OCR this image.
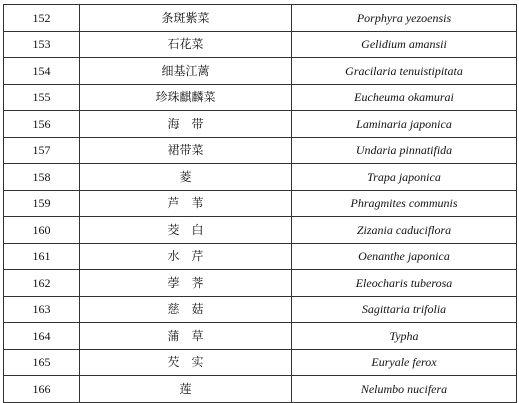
152	条斑紫菜	Porphyra yezoensis
153	石花菜	Gelidium amansii
154	细基江蓠	Gracilaria tenuistipitata
155	珍珠麒麟菜	Eucheuma okamurai
156	海　带	Laminaria japonica
157	裙带菜	Undaria pinnatifida
158	菱	Trapa japonica
159	芦　苇	Phragmites communis
160	茭　白	Zizania caduciflora
161	水　芹	Oenanthe japonica
162	荸　荠	Eleocharis tuberosa
163	慈　菇	Sagittaria trifolia
164	蒲　草	Typha
165	芡　实	Euryale ferox
166	莲	Nelumbo nucifera
